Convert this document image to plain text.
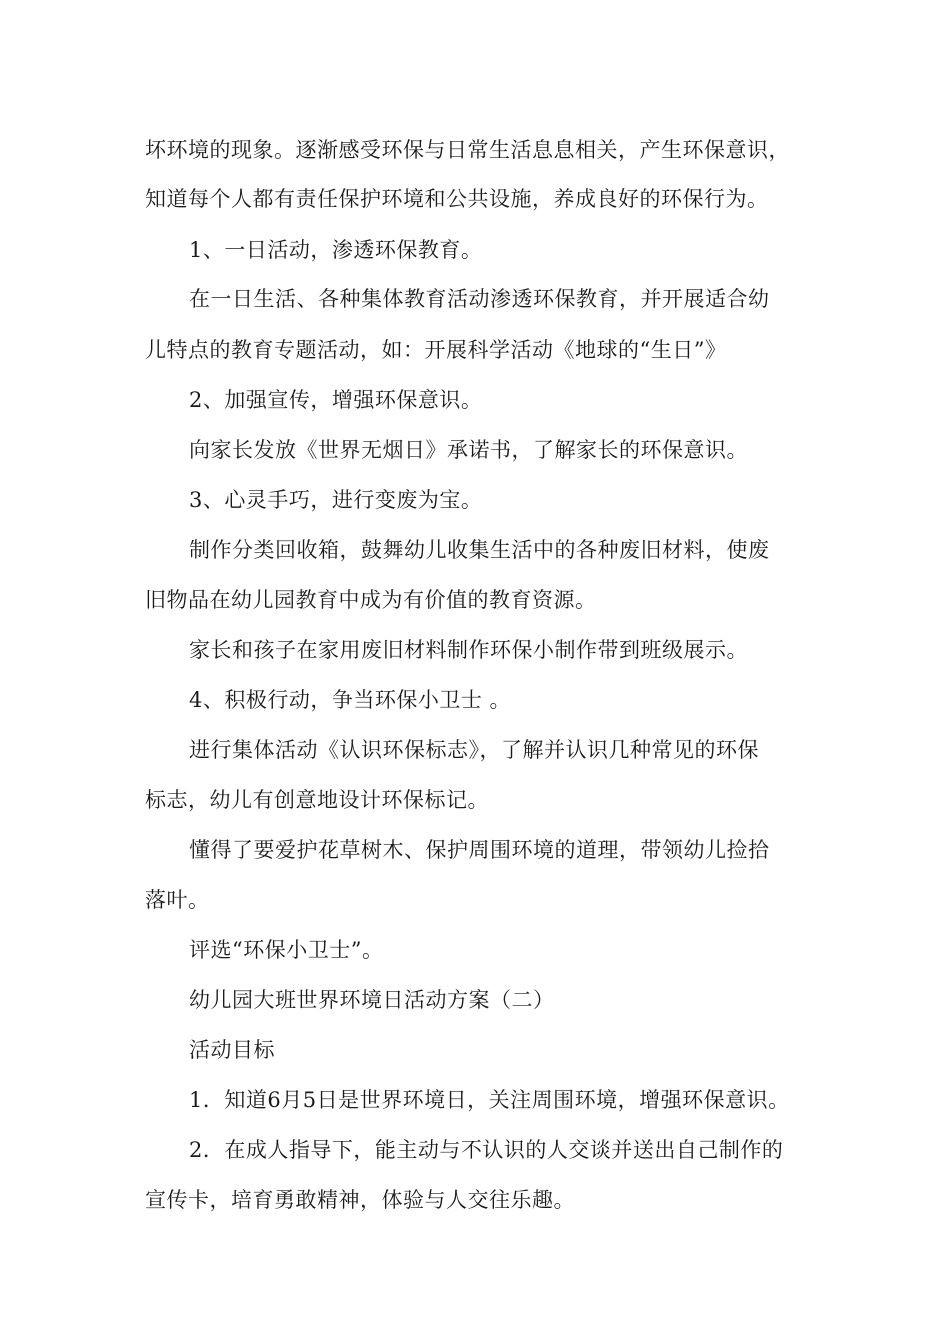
坏环境的现象。逐渐感受环保与日常生活息息相关，产生环保意识，
知道每个人都有责任保护环境和公共设施，养成良好的环保行为。
1、一日活动，渗透环保教育。
在一日生活、各种集体教育活动渗透环保教育，并开展适合幼
儿特点的教育专题活动，如：开展科学活动《地球的“生日”》
2、加强宣传，增强环保意识。
向家长发放《世界无烟日》承诺书，了解家长的环保意识。
3、心灵手巧，进行变废为宝。
制作分类回收箱，鼓舞幼儿收集生活中的各种废旧材料，使废
旧物品在幼儿园教育中成为有价值的教育资源。
家长和孩子在家用废旧材料制作环保小制作带到班级展示。
4、积极行动，争当环保小卫士 。
进行集体活动《认识环保标志》，了解并认识几种常见的环保
标志，幼儿有创意地设计环保标记。
懂得了要爱护花草树木、保护周围环境的道理，带领幼儿捡拾
落叶。
评选“环保小卫士”。
幼儿园大班世界环境日活动方案（二）
活动目标
1．知道6月5日是世界环境日，关注周围环境，增强环保意识。
2．在成人指导下，能主动与不认识的人交谈并送出自己制作的
宣传卡，培育勇敢精神，体验与人交往乐趣。
